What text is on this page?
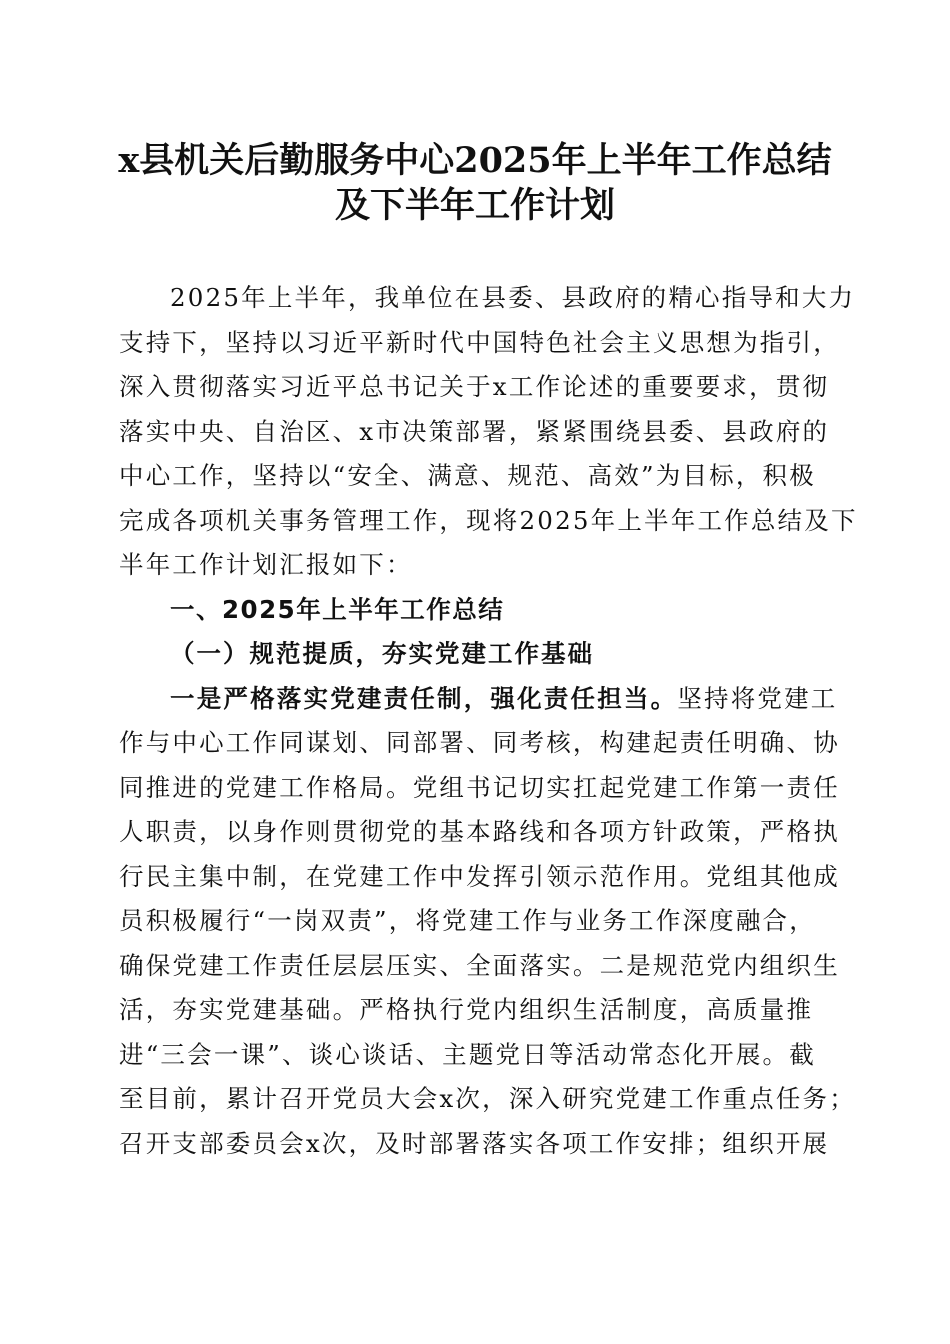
x县机关后勤服务中心2025年上半年工作总结
及下半年工作计划
2025年上半年，我单位在县委、县政府的精心指导和大力
支持下，坚持以习近平新时代中国特色社会主义思想为指引，
深入贯彻落实习近平总书记关于x工作论述的重要要求，贯彻
落实中央、自治区、x市决策部署，紧紧围绕县委、县政府的
中心工作，坚持以“安全、满意、规范、高效”为目标，积极
完成各项机关事务管理工作，现将2025年上半年工作总结及下
半年工作计划汇报如下：
一、2025年上半年工作总结
（一）规范提质，夯实党建工作基础
一是严格落实党建责任制，强化责任担当。坚持将党建工
作与中心工作同谋划、同部署、同考核，构建起责任明确、协
同推进的党建工作格局。党组书记切实扛起党建工作第一责任
人职责，以身作则贯彻党的基本路线和各项方针政策，严格执
行民主集中制，在党建工作中发挥引领示范作用。党组其他成
员积极履行“一岗双责”，将党建工作与业务工作深度融合，
确保党建工作责任层层压实、全面落实。二是规范党内组织生
活，夯实党建基础。严格执行党内组织生活制度，高质量推
进“三会一课”、谈心谈话、主题党日等活动常态化开展。截
至目前，累计召开党员大会x次，深入研究党建工作重点任务；
召开支部委员会x次，及时部署落实各项工作安排；组织开展
